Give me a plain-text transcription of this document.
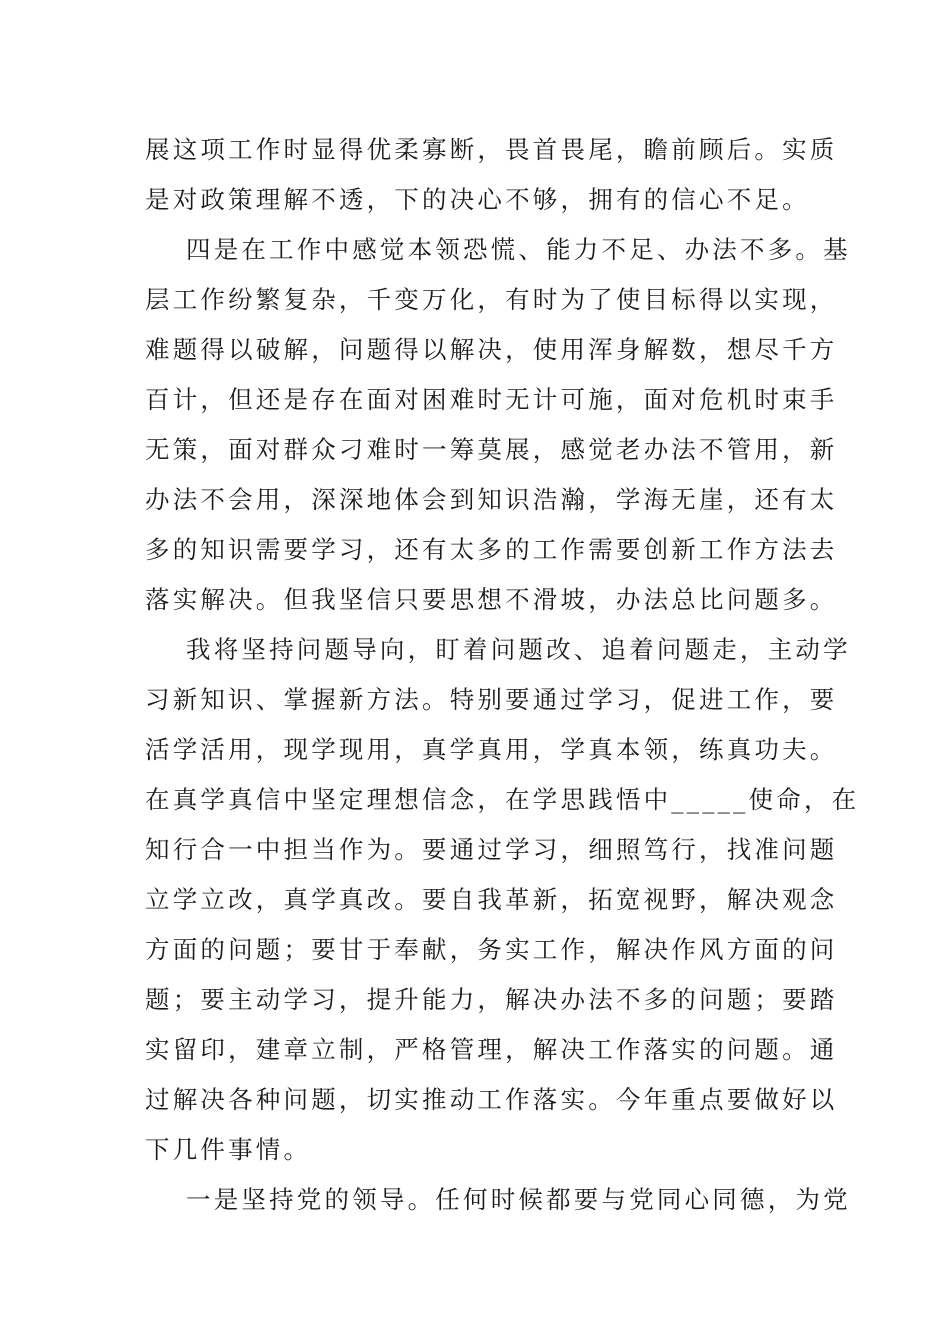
展这项工作时显得优柔寡断，畏首畏尾，瞻前顾后。实质
是对政策理解不透，下的决心不够，拥有的信心不足。
四是在工作中感觉本领恐慌、能力不足、办法不多。基
层工作纷繁复杂，千变万化，有时为了使目标得以实现，
难题得以破解，问题得以解决，使用浑身解数，想尽千方
百计，但还是存在面对困难时无计可施，面对危机时束手
无策，面对群众刁难时一筹莫展，感觉老办法不管用，新
办法不会用，深深地体会到知识浩瀚，学海无崖，还有太
多的知识需要学习，还有太多的工作需要创新工作方法去
落实解决。但我坚信只要思想不滑坡，办法总比问题多。
我将坚持问题导向，盯着问题改、追着问题走，主动学
习新知识、掌握新方法。特别要通过学习，促进工作，要
活学活用，现学现用，真学真用，学真本领，练真功夫。
在真学真信中坚定理想信念，在学思践悟中_____使命，在
知行合一中担当作为。要通过学习，细照笃行，找准问题
立学立改，真学真改。要自我革新，拓宽视野，解决观念
方面的问题；要甘于奉献，务实工作，解决作风方面的问
题；要主动学习，提升能力，解决办法不多的问题；要踏
实留印，建章立制，严格管理，解决工作落实的问题。通
过解决各种问题，切实推动工作落实。今年重点要做好以
下几件事情。
一是坚持党的领导。任何时候都要与党同心同德，为党
